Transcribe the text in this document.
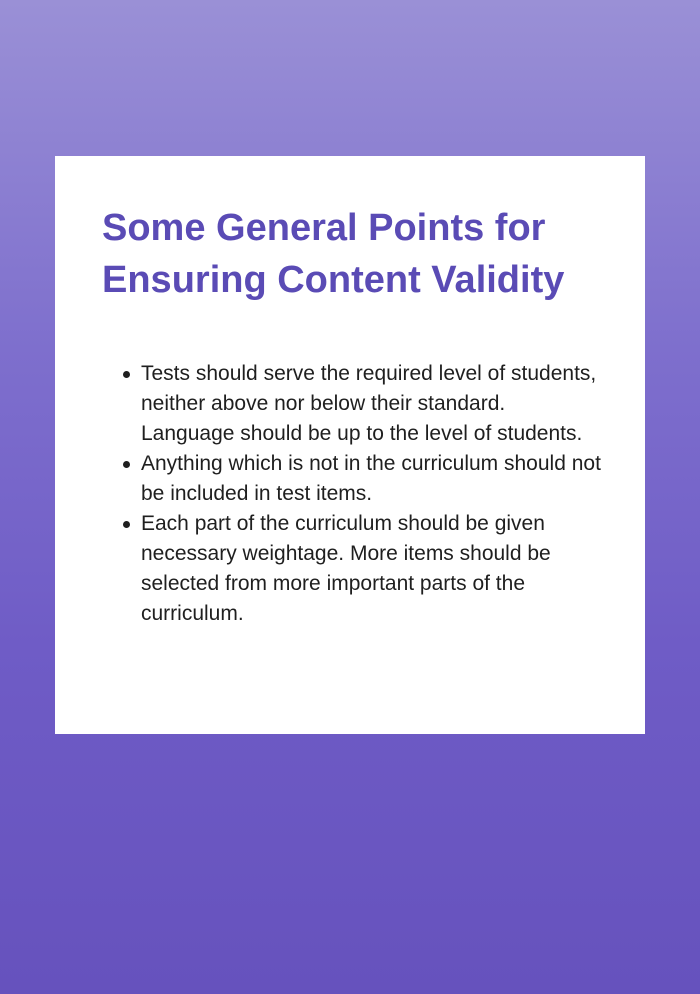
Some General Points for Ensuring Content Validity
Tests should serve the required level of students, neither above nor below their standard. Language should be up to the level of students.
Anything which is not in the curriculum should not be included in test items.
Each part of the curriculum should be given necessary weightage. More items should be selected from more important parts of the curriculum.
